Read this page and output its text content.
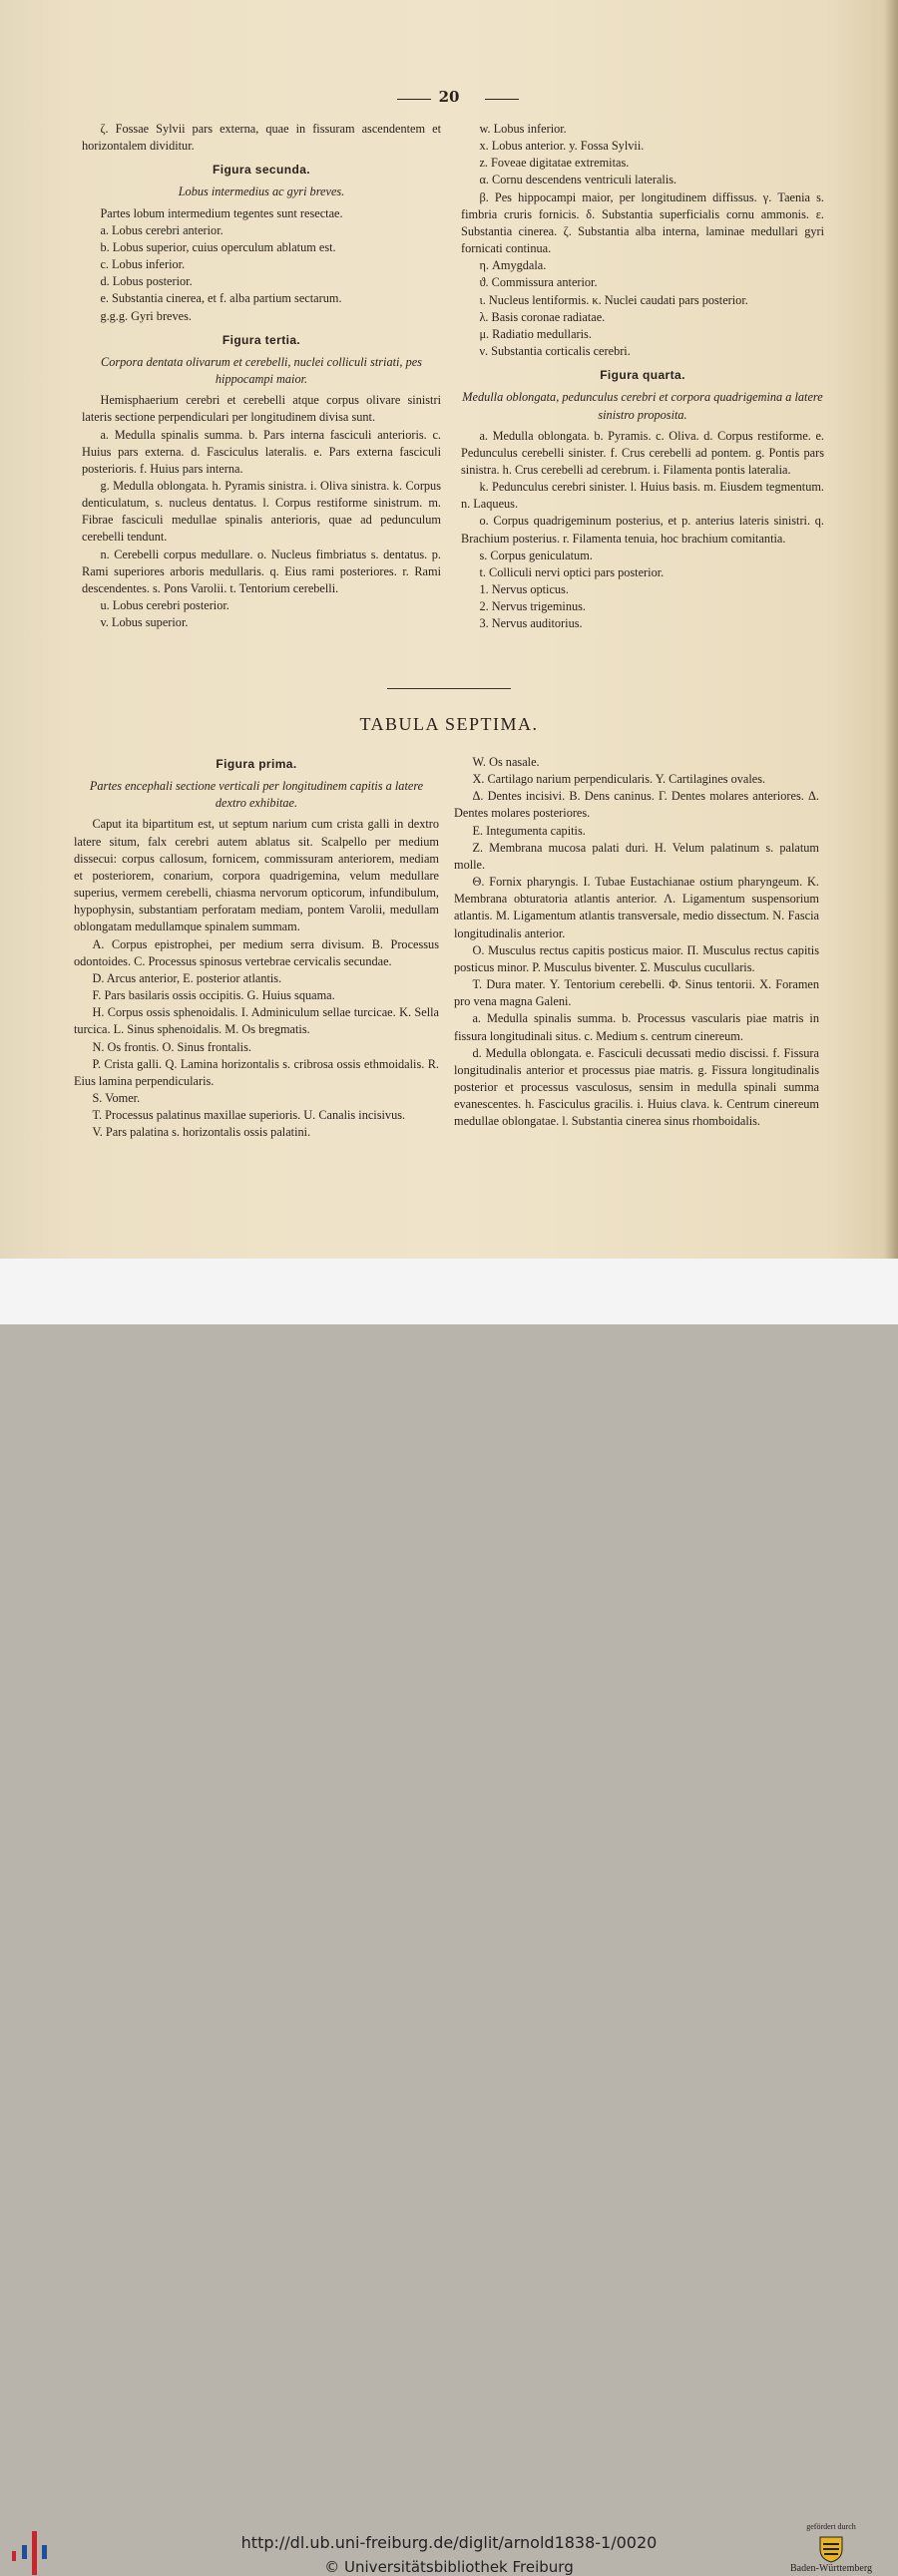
20

ζ. Fossae Sylvii pars externa, quae in fissuram ascendentem et horizontalem dividitur.

Figura secunda.

Lobus intermedius ac gyri breves.

Partes lobum intermedium tegentes sunt resectae.

a. Lobus cerebri anterior.

b. Lobus superior, cuius operculum ablatum est.

c. Lobus inferior.

d. Lobus posterior.

e. Substantia cinerea, et f. alba partium sectarum.

g.g.g. Gyri breves.

Figura tertia.

Corpora dentata olivarum et cerebelli, nuclei colliculi striati, pes hippocampi maior.

Hemisphaerium cerebri et cerebelli atque corpus olivare sinistri lateris sectione perpendiculari per longitudinem divisa sunt.

a. Medulla spinalis summa. b. Pars interna fasciculi anterioris. c. Huius pars externa. d. Fasciculus lateralis. e. Pars externa fasciculi posterioris. f. Huius pars interna.

g. Medulla oblongata. h. Pyramis sinistra. i. Oliva sinistra. k. Corpus denticulatum, s. nucleus dentatus. l. Corpus restiforme sinistrum. m. Fibrae fasciculi medullae spinalis anterioris, quae ad pedunculum cerebelli tendunt.

n. Cerebelli corpus medullare. o. Nucleus fimbriatus s. dentatus. p. Rami superiores arboris medullaris. q. Eius rami posteriores. r. Rami descendentes. s. Pons Varolii. t. Tentorium cerebelli.

u. Lobus cerebri posterior.

v. Lobus superior.

w. Lobus inferior.

x. Lobus anterior. y. Fossa Sylvii.

z. Foveae digitatae extremitas.

α. Cornu descendens ventriculi lateralis.

β. Pes hippocampi maior, per longitudinem diffissus. γ. Taenia s. fimbria cruris fornicis. δ. Substantia superficialis cornu ammonis. ε. Substantia cinerea. ζ. Substantia alba interna, laminae medullari gyri fornicati continua.

η. Amygdala.

ϑ. Commissura anterior.

ι. Nucleus lentiformis. κ. Nuclei caudati pars posterior.

λ. Basis coronae radiatae.

μ. Radiatio medullaris.

ν. Substantia corticalis cerebri.

Figura quarta.

Medulla oblongata, pedunculus cerebri et corpora quadrigemina a latere sinistro proposita.

a. Medulla oblongata. b. Pyramis. c. Oliva. d. Corpus restiforme. e. Pedunculus cerebelli sinister. f. Crus cerebelli ad pontem. g. Pontis pars sinistra. h. Crus cerebelli ad cerebrum. i. Filamenta pontis lateralia.

k. Pedunculus cerebri sinister. l. Huius basis. m. Eiusdem tegmentum. n. Laqueus.

o. Corpus quadrigeminum posterius, et p. anterius lateris sinistri. q. Brachium posterius. r. Filamenta tenuia, hoc brachium comitantia.

s. Corpus geniculatum.

t. Colliculi nervi optici pars posterior.

1. Nervus opticus.

2. Nervus trigeminus.

3. Nervus auditorius.

TABULA SEPTIMA.

Figura prima.

Partes encephali sectione verticali per longitudinem capitis a latere dextro exhibitae.

Caput ita bipartitum est, ut septum narium cum crista galli in dextro latere situm, falx cerebri autem ablatus sit. Scalpello per medium dissecui: corpus callosum, fornicem, commissuram anteriorem, mediam et posteriorem, conarium, corpora quadrigemina, velum medullare superius, vermem cerebelli, chiasma nervorum opticorum, infundibulum, hypophysin, substantiam perforatam mediam, pontem Varolii, medullam oblongatam medullamque spinalem summam.

A. Corpus epistrophei, per medium serra divisum. B. Processus odontoides. C. Processus spinosus vertebrae cervicalis secundae.

D. Arcus anterior, E. posterior atlantis.

F. Pars basilaris ossis occipitis. G. Huius squama.

H. Corpus ossis sphenoidalis. I. Adminiculum sellae turcicae. K. Sella turcica. L. Sinus sphenoidalis. M. Os bregmatis.

N. Os frontis. O. Sinus frontalis.

P. Crista galli. Q. Lamina horizontalis s. cribrosa ossis ethmoidalis. R. Eius lamina perpendicularis.

S. Vomer.

T. Processus palatinus maxillae superioris. U. Canalis incisivus.

V. Pars palatina s. horizontalis ossis palatini.

W. Os nasale.

X. Cartilago narium perpendicularis. Y. Cartilagines ovales.

Δ. Dentes incisivi. B. Dens caninus. Γ. Dentes molares anteriores. Δ. Dentes molares posteriores.

E. Integumenta capitis.

Z. Membrana mucosa palati duri. H. Velum palatinum s. palatum molle.

Θ. Fornix pharyngis. I. Tubae Eustachianae ostium pharyngeum. K. Membrana obturatoria atlantis anterior. Λ. Ligamentum suspensorium atlantis. M. Ligamentum atlantis transversale, medio dissectum. N. Fascia longitudinalis anterior.

O. Musculus rectus capitis posticus maior. Π. Musculus rectus capitis posticus minor. P. Musculus biventer. Σ. Musculus cucullaris.

T. Dura mater. Υ. Tentorium cerebelli. Φ. Sinus tentorii. X. Foramen pro vena magna Galeni.

a. Medulla spinalis summa. b. Processus vascularis piae matris in fissura longitudinali situs. c. Medium s. centrum cinereum.

d. Medulla oblongata. e. Fasciculi decussati medio discissi. f. Fissura longitudinalis anterior et processus piae matris. g. Fissura longitudinalis posterior et processus vasculosus, sensim in medulla spinali summa evanescentes. h. Fasciculus gracilis. i. Huius clava. k. Centrum cinereum medullae oblongatae. l. Substantia cinerea sinus rhomboidalis.

http://dl.ub.uni-freiburg.de/diglit/arnold1838-1/0020
© Universitätsbibliothek Freiburg
gefördert durch
Baden-Württemberg
